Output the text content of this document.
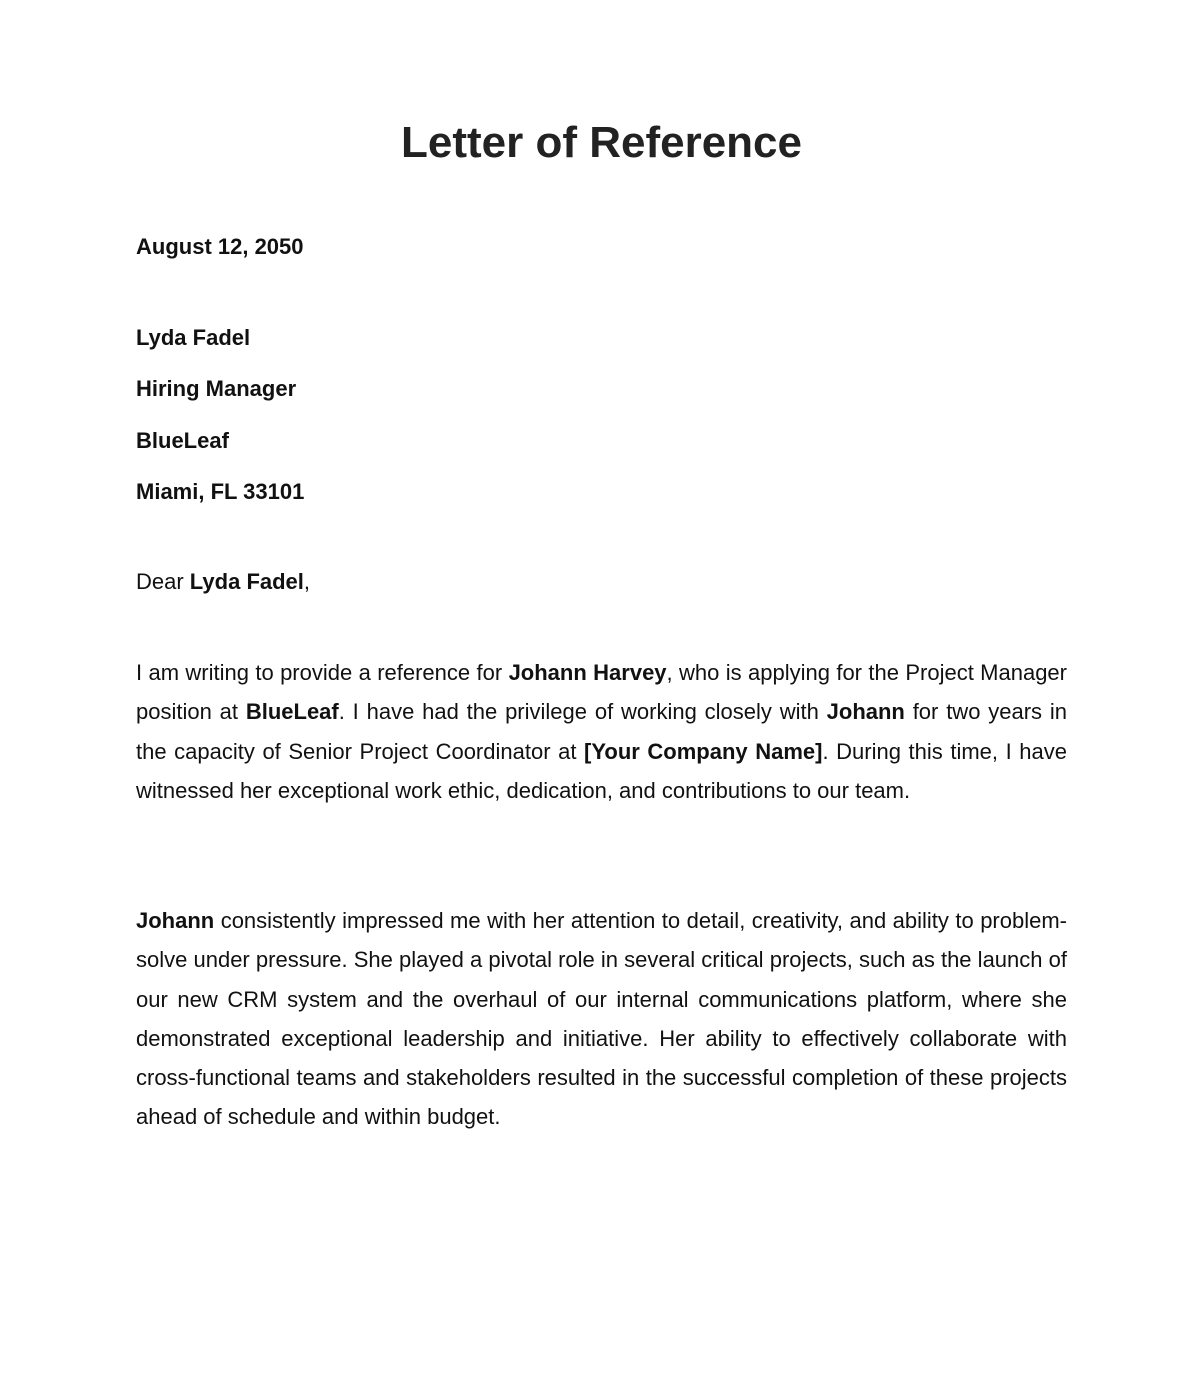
Letter of Reference

August 12, 2050

Lyda Fadel
Hiring Manager
BlueLeaf
Miami, FL 33101

Dear Lyda Fadel,

I am writing to provide a reference for Johann Harvey, who is applying for the Project Manager position at BlueLeaf. I have had the privilege of working closely with Johann for two years in the capacity of Senior Project Coordinator at [Your Company Name]. During this time, I have witnessed her exceptional work ethic, dedication, and contributions to our team.

Johann consistently impressed me with her attention to detail, creativity, and ability to problem-solve under pressure. She played a pivotal role in several critical projects, such as the launch of our new CRM system and the overhaul of our internal communications platform, where she demonstrated exceptional leadership and initiative. Her ability to effectively collaborate with cross-functional teams and stakeholders resulted in the successful completion of these projects ahead of schedule and within budget.
